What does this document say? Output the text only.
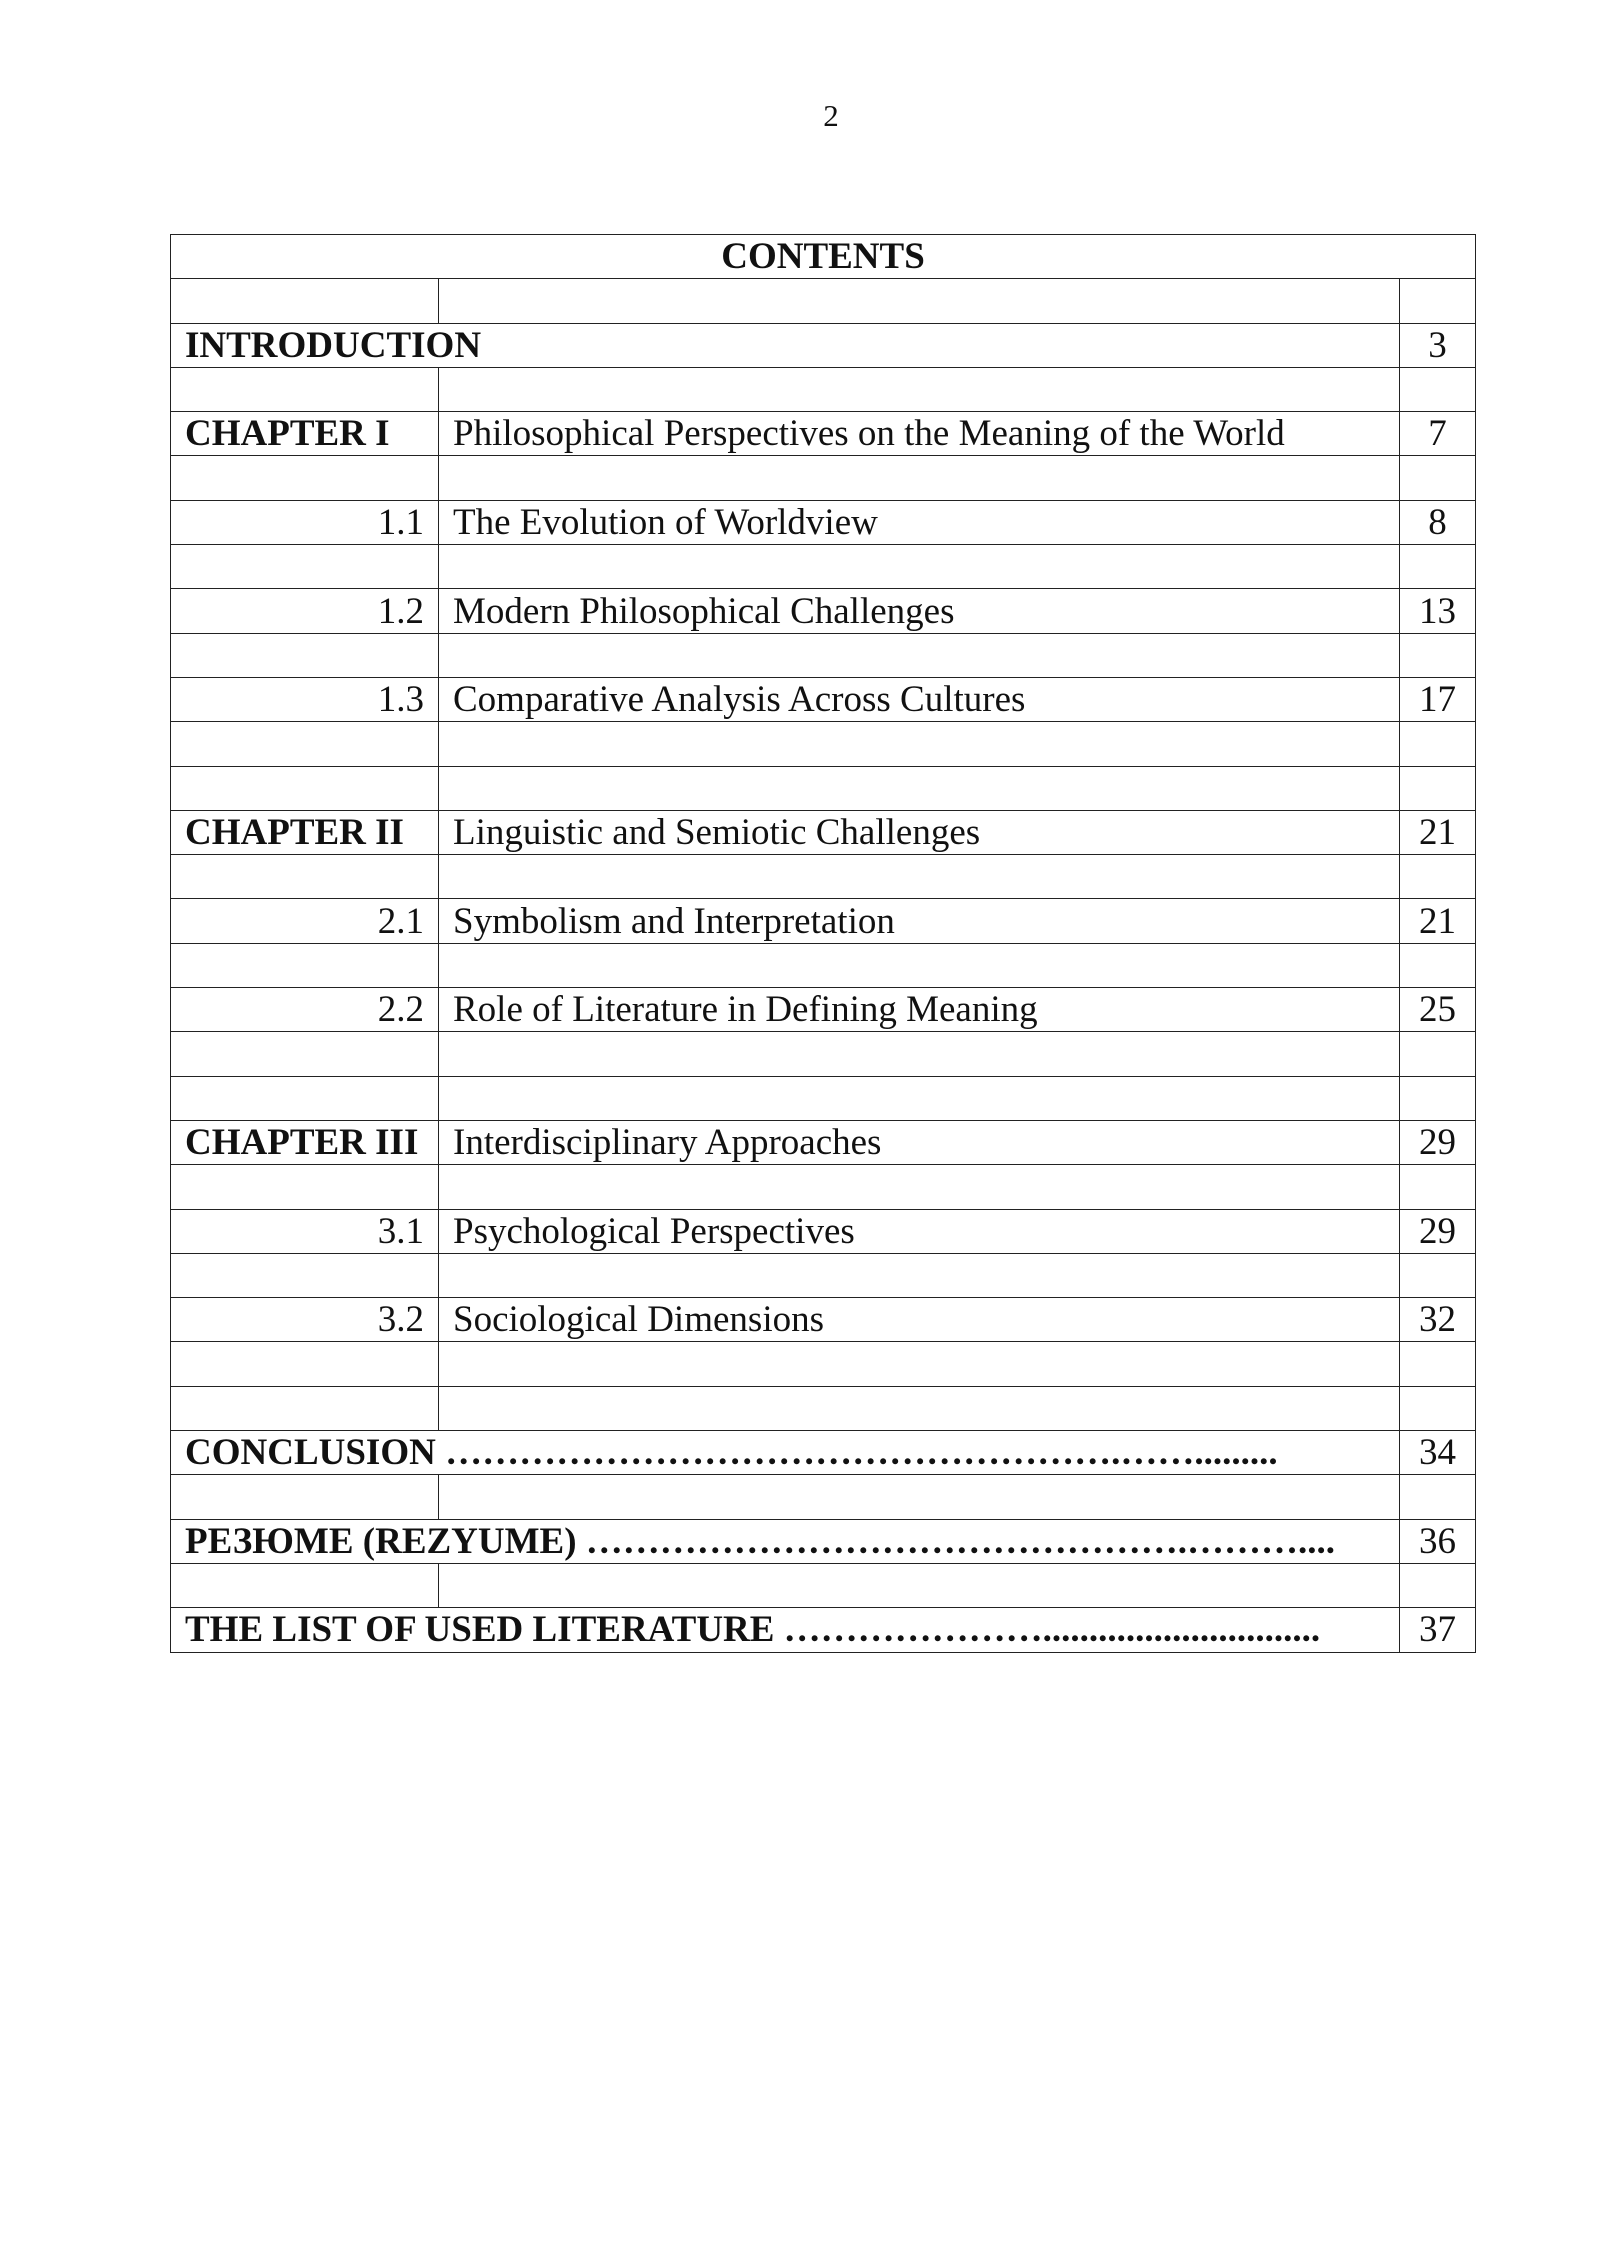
2
CONTENTS		

INTRODUCTION		3

CHAPTER I	Philosophical Perspectives on the Meaning of the World	7

1.1	The Evolution of Worldview	8

1.2	Modern Philosophical Challenges	13

1.3	Comparative Analysis Across Cultures	17

CHAPTER II	Linguistic and Semiotic Challenges	21

2.1	Symbolism and Interpretation	21

2.2	Role of Literature in Defining Meaning	25

CHAPTER III	Interdisciplinary Approaches	29

3.1	Psychological Perspectives	29

3.2	Sociological Dimensions	32

CONCLUSION ……………………………………………….…….........		34

РЕЗЮМЕ (REZYUME) ………………………………………….………....		36

THE LIST OF USED LITERATURE …………………..............................		37
